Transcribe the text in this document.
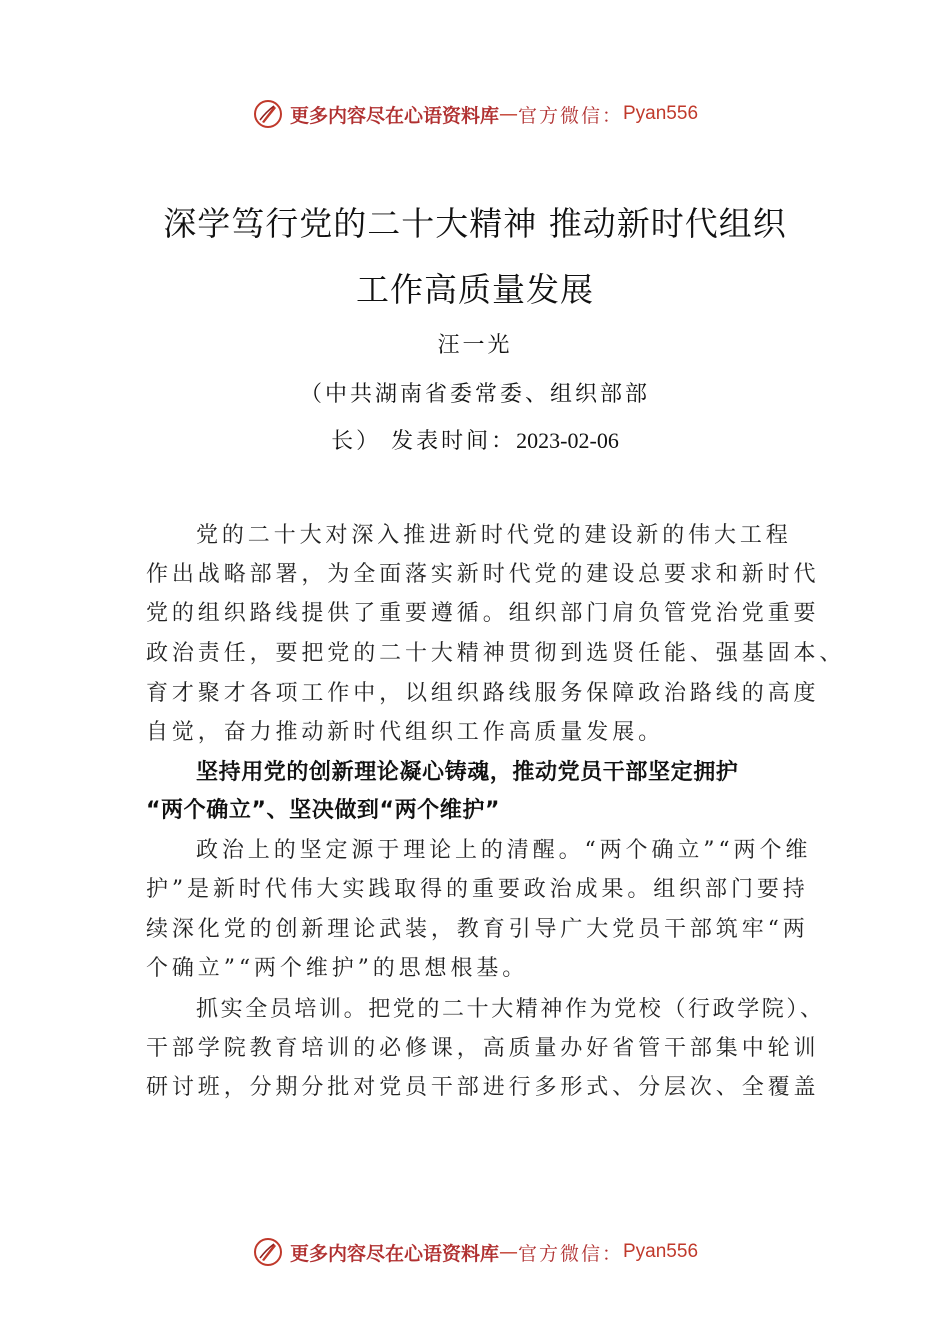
更多内容尽在心语资料库 — 官方微信： Pyan556
深学笃行党的二十大精神 推动新时代组织
工作高质量发展
汪一光
（中共湖南省委常委、组织部部
长） 发表时间：2023-02-06
党的二十大对深入推进新时代党的建设新的伟大工程
作出战略部署，为全面落实新时代党的建设总要求和新时代
党的组织路线提供了重要遵循。组织部门肩负管党治党重要
政治责任，要把党的二十大精神贯彻到选贤任能、强基固本、
育才聚才各项工作中，以组织路线服务保障政治路线的高度
自觉，奋力推动新时代组织工作高质量发展。
坚持用党的创新理论凝心铸魂，推动党员干部坚定拥护
“两个确立”、坚决做到“两个维护”
政治上的坚定源于理论上的清醒。“两个确立”“两个维
护”是新时代伟大实践取得的重要政治成果。组织部门要持
续深化党的创新理论武装，教育引导广大党员干部筑牢“两
个确立”“两个维护”的思想根基。
抓实全员培训。把党的二十大精神作为党校（行政学院）、
干部学院教育培训的必修课，高质量办好省管干部集中轮训
研讨班，分期分批对党员干部进行多形式、分层次、全覆盖
更多内容尽在心语资料库 — 官方微信： Pyan556
